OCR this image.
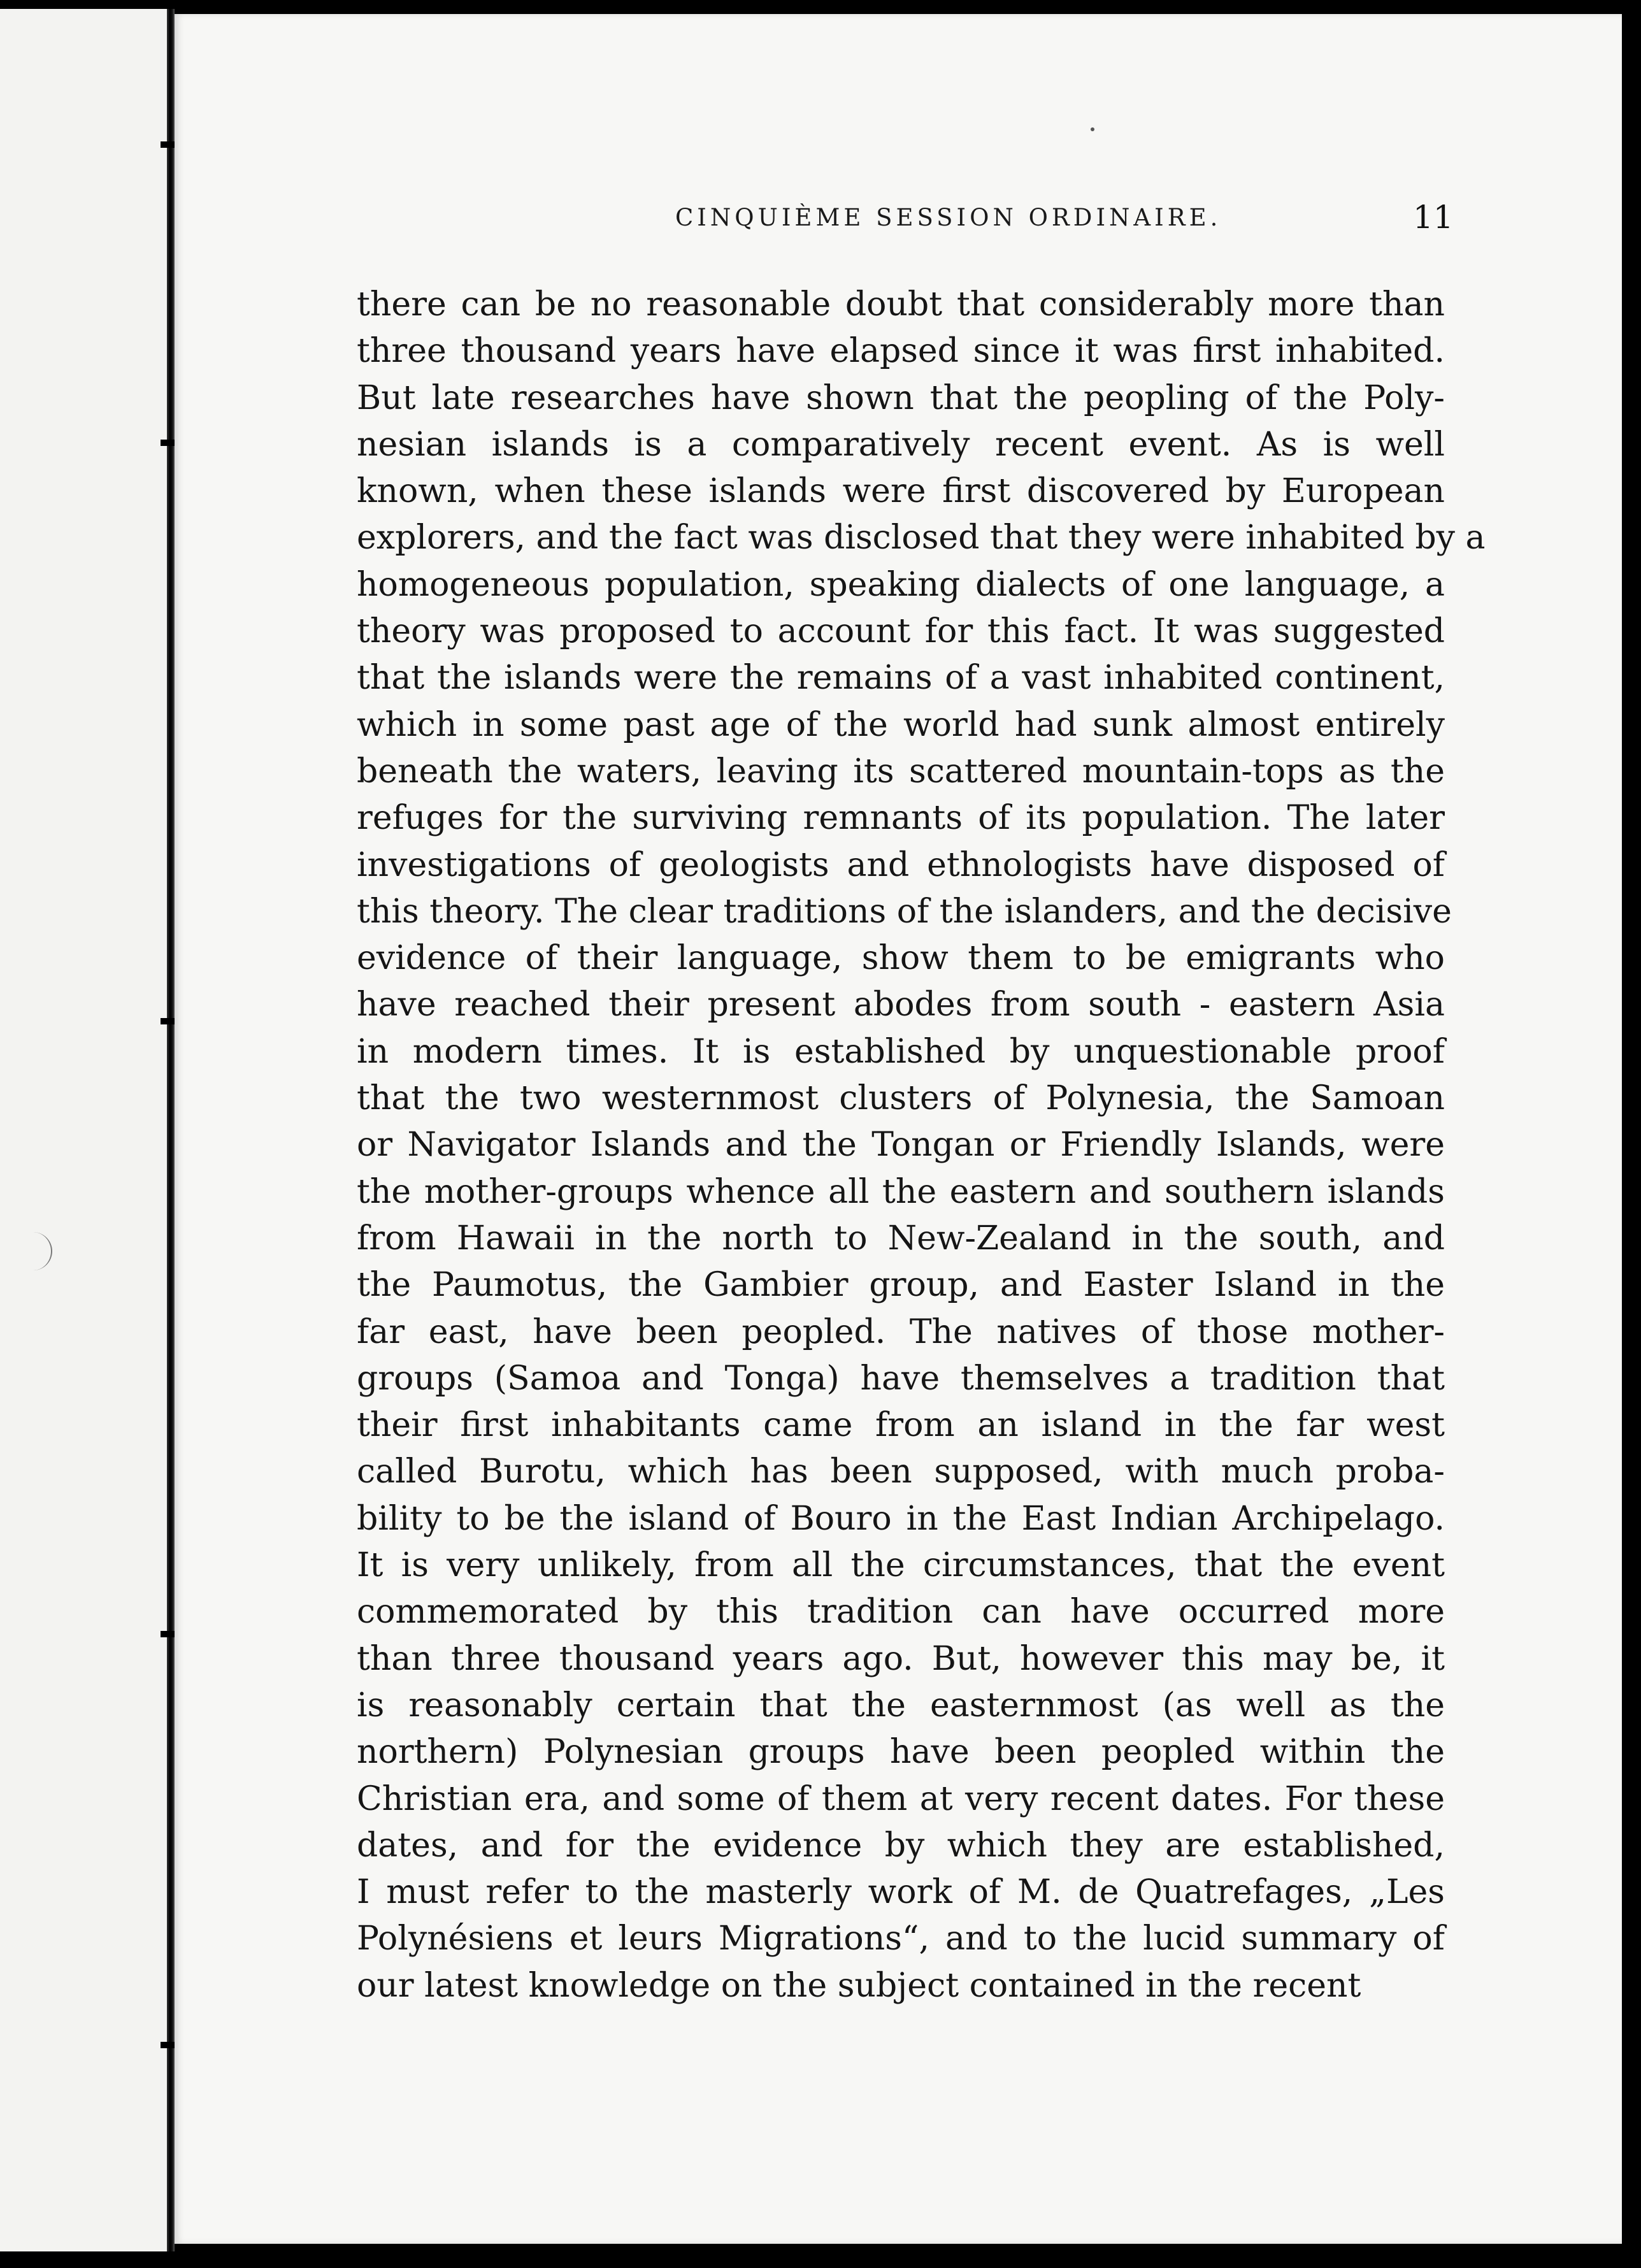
CINQUIÈME SESSION ORDINAIRE.	11
there can be no reasonable doubt that considerably more than
three thousand years have elapsed since it was first inhabited.
But late researches have shown that the peopling of the Poly-
nesian islands is a comparatively recent event. As is well
known, when these islands were first discovered by European
explorers, and the fact was disclosed that they were inhabited by a
homogeneous population, speaking dialects of one language, a
theory was proposed to account for this fact. It was suggested
that the islands were the remains of a vast inhabited continent,
which in some past age of the world had sunk almost entirely
beneath the waters, leaving its scattered mountain-tops as the
refuges for the surviving remnants of its population. The later
investigations of geologists and ethnologists have disposed of
this theory. The clear traditions of the islanders, and the decisive
evidence of their language, show them to be emigrants who
have reached their present abodes from south - eastern Asia
in modern times. It is established by unquestionable proof
that the two westernmost clusters of Polynesia, the Samoan
or Navigator Islands and the Tongan or Friendly Islands, were
the mother-groups whence all the eastern and southern islands
from Hawaii in the north to New-Zealand in the south, and
the Paumotus, the Gambier group, and Easter Island in the
far east, have been peopled. The natives of those mother-
groups (Samoa and Tonga) have themselves a tradition that
their first inhabitants came from an island in the far west
called Burotu, which has been supposed, with much proba-
bility to be the island of Bouro in the East Indian Archipelago.
It is very unlikely, from all the circumstances, that the event
commemorated by this tradition can have occurred more
than three thousand years ago. But, however this may be, it
is reasonably certain that the easternmost (as well as the
northern) Polynesian groups have been peopled within the
Christian era, and some of them at very recent dates. For these
dates, and for the evidence by which they are established,
I must refer to the masterly work of M. de Quatrefages, „Les
Polynésiens et leurs Migrations“, and to the lucid summary of
our latest knowledge on the subject contained in the recent
